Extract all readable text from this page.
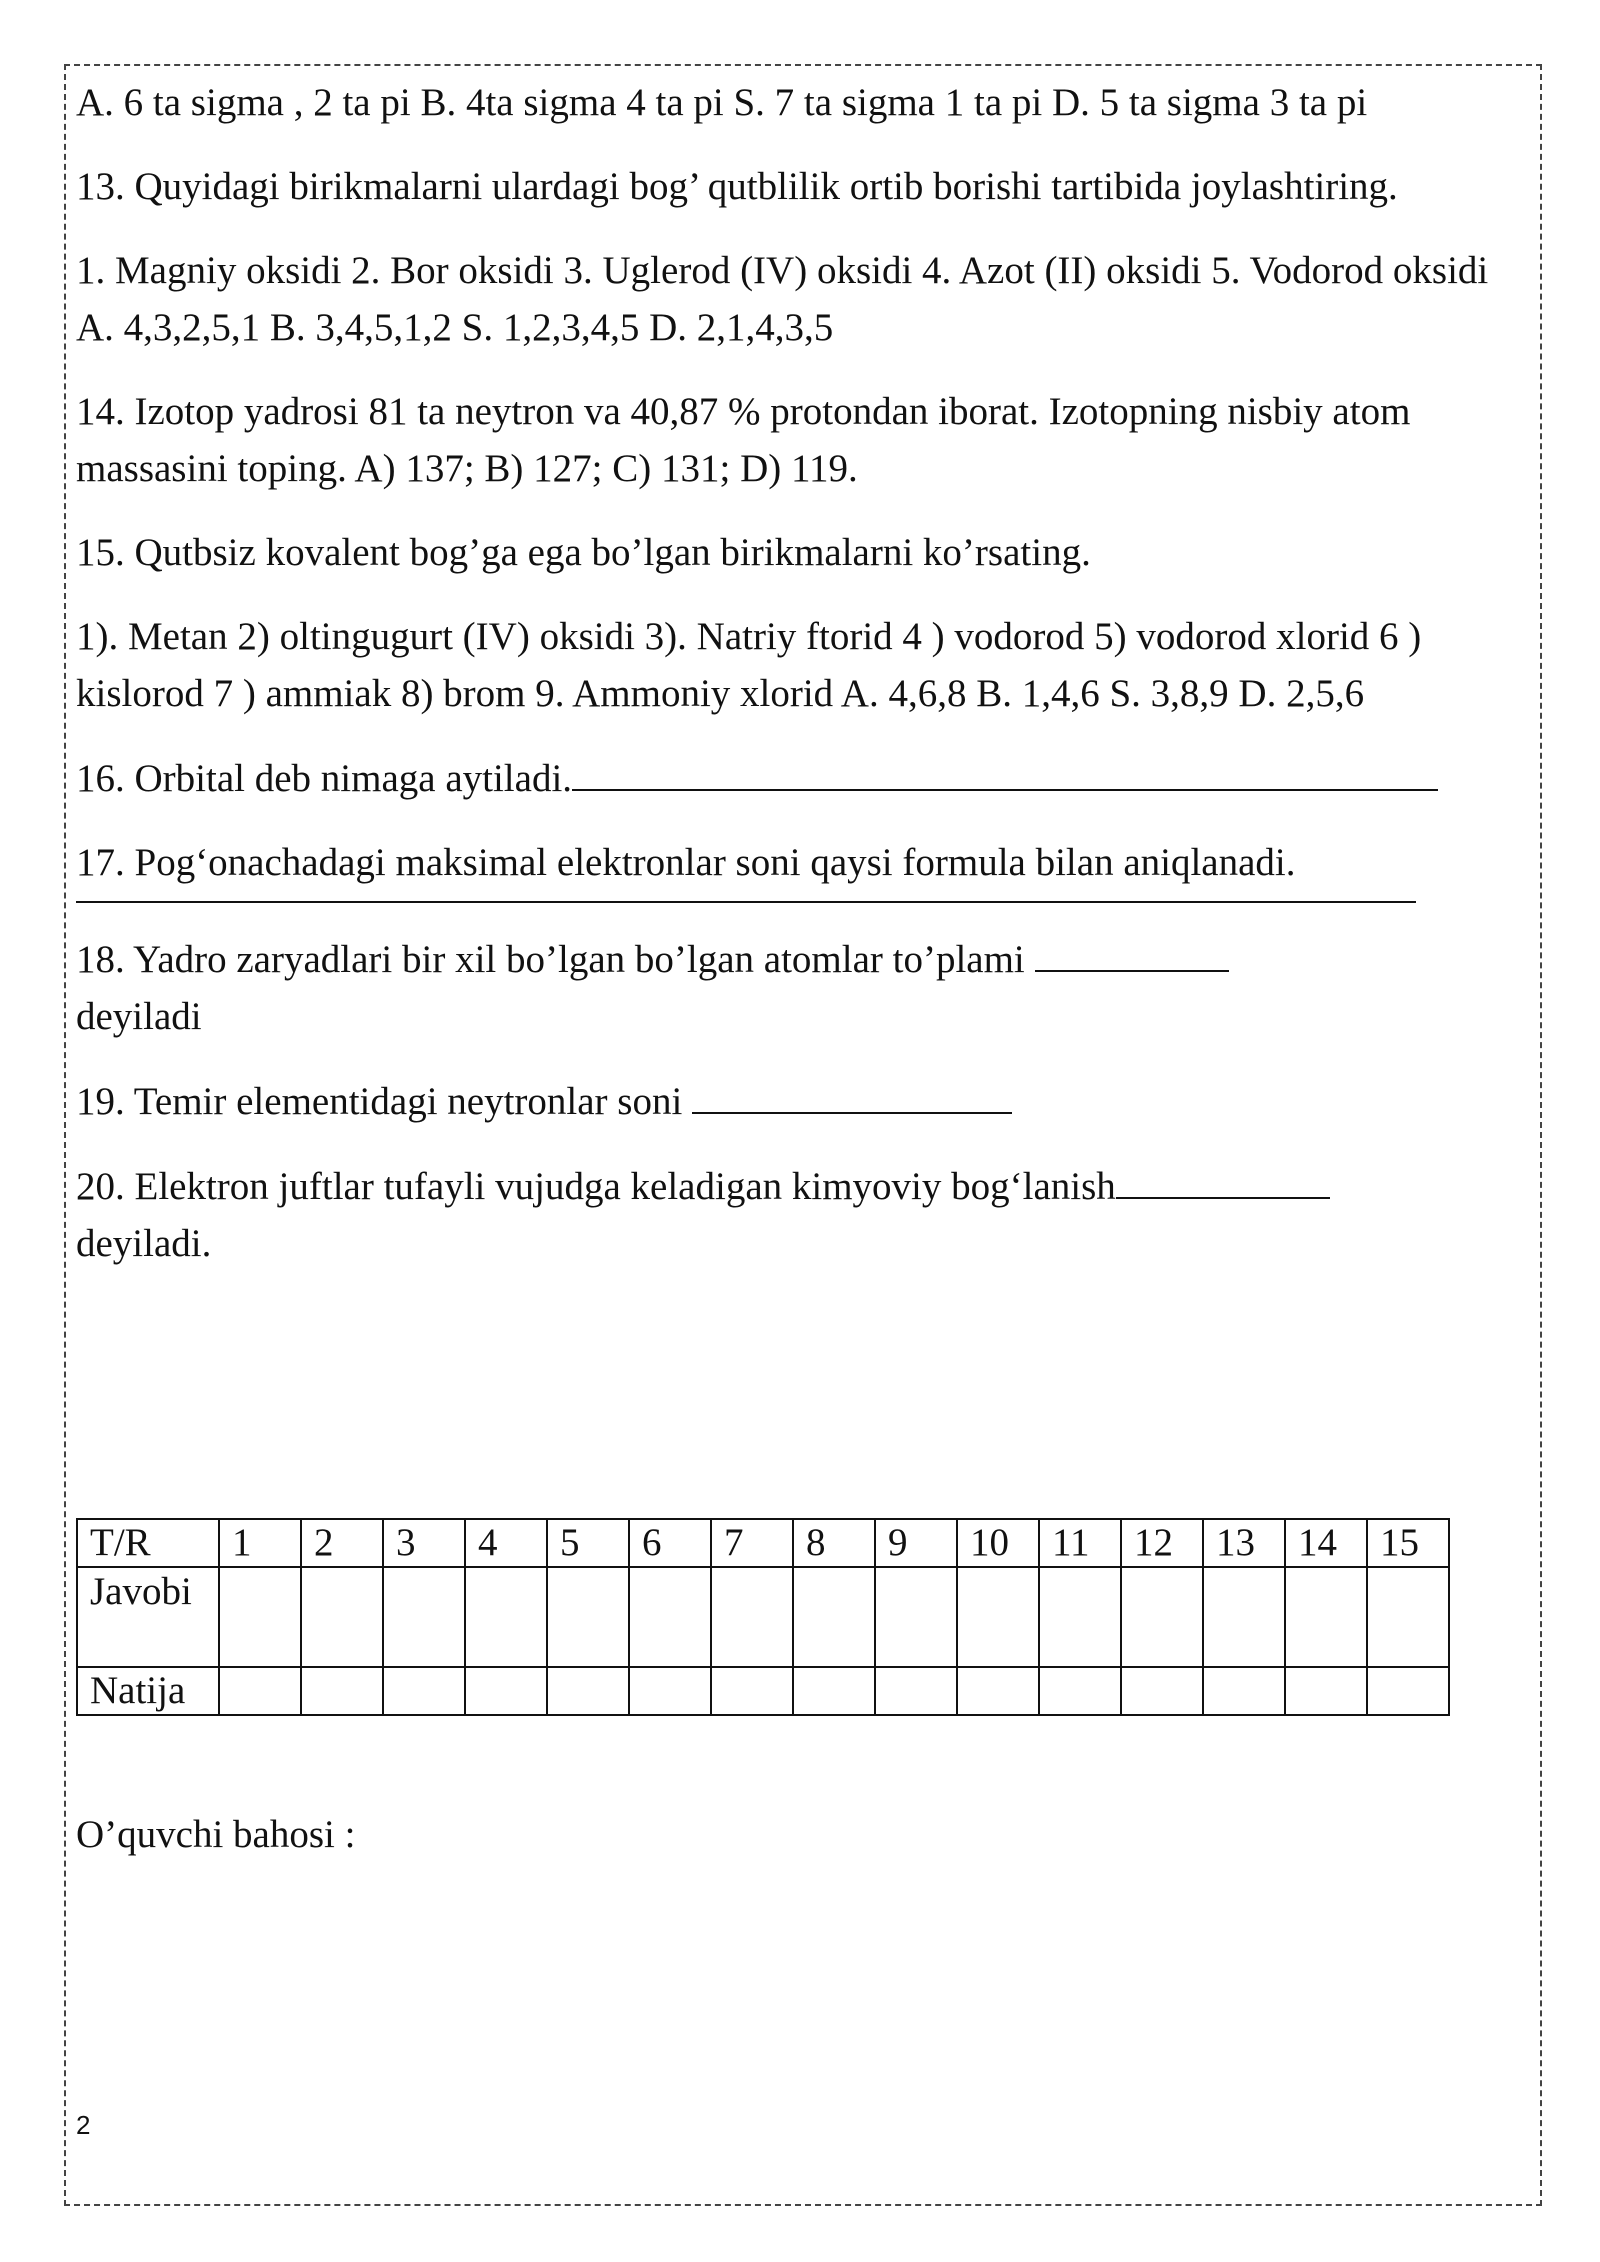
A. 6 ta sigma , 2 ta pi B. 4ta sigma 4 ta pi S. 7 ta sigma 1 ta pi D. 5 ta sigma 3 ta pi

13. Quyidagi birikmalarni ulardagi bog’ qutblilik ortib borishi tartibida joylashtiring.

1. Magniy oksidi 2. Bor oksidi 3. Uglerod (IV) oksidi 4. Azot (II) oksidi 5. Vodorod oksidi A. 4,3,2,5,1 B. 3,4,5,1,2 S. 1,2,3,4,5 D. 2,1,4,3,5

14. Izotop yadrosi 81 ta neytron va 40,87 % protondan iborat. Izotopning nisbiy atom massasini toping. A) 137; B) 127; C) 131; D) 119.

15. Qutbsiz kovalent bog’ga ega bo’lgan birikmalarni ko’rsating.

1). Metan 2) oltingugurt (IV) oksidi 3). Natriy ftorid 4 ) vodorod 5) vodorod xlorid 6 ) kislorod 7 ) ammiak 8) brom 9. Ammoniy xlorid A. 4,6,8 B. 1,4,6 S. 3,8,9 D. 2,5,6

16. Orbital deb nimaga aytiladi.

17. Pog‘onachadagi maksimal elektronlar soni qaysi formula bilan aniqlanadi.

18. Yadro zaryadlari bir xil bo’lgan bo’lgan atomlar to’plami
deyiladi

19. Temir elementidagi neytronlar soni

20. Elektron juftlar tufayli vujudga keladigan kimyoviy bog‘lanish
deyiladi.

T/R	1	2	3	4	5	6	7	8	9	10	11	12	13	14	15
Javobi															
Natija															
O’quvchi bahosi :
2
